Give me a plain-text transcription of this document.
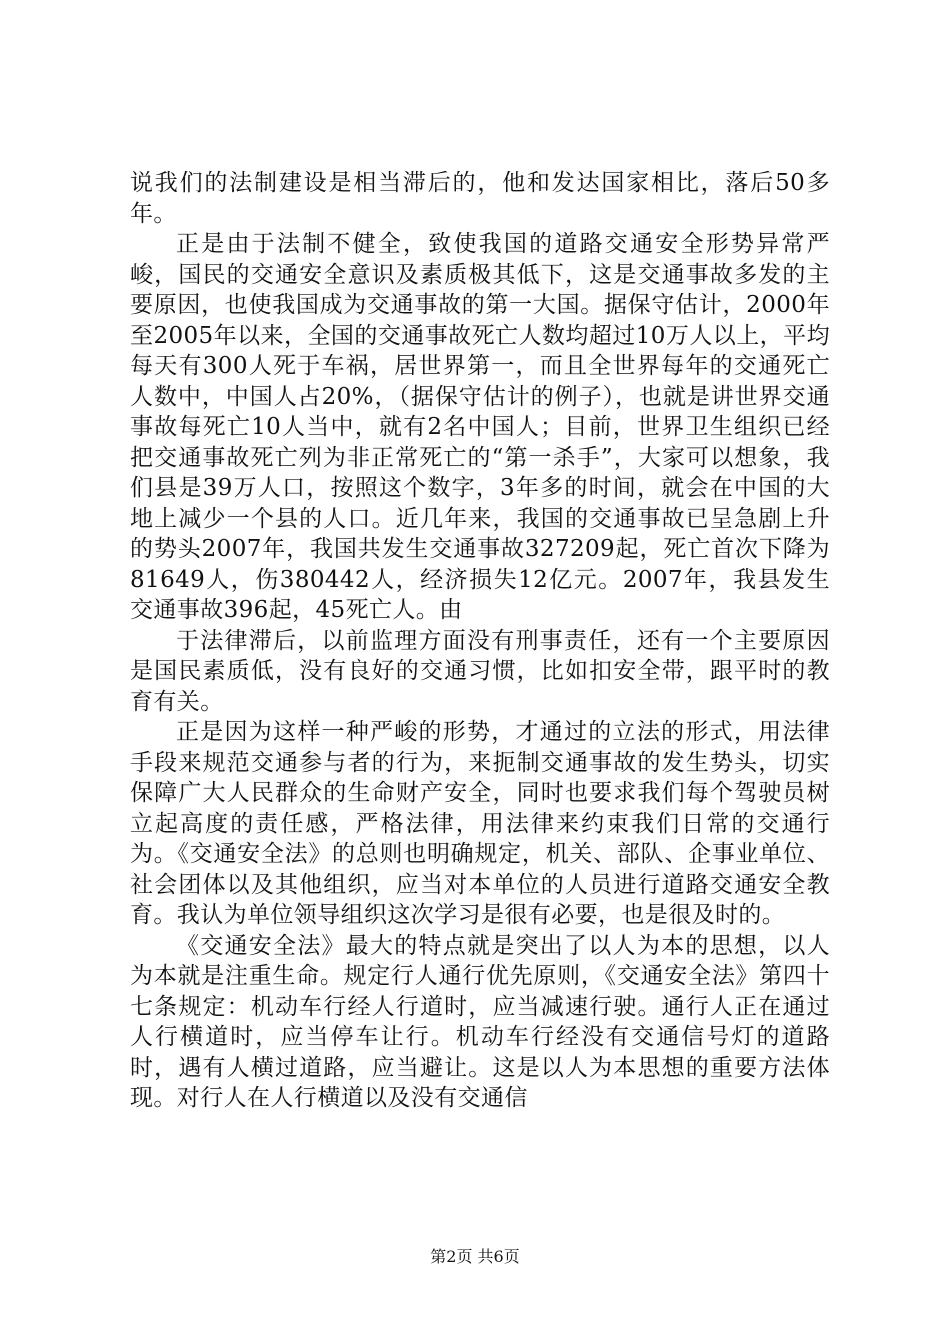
说我们的法制建设是相当滞后的，他和发达国家相比，落后50多年。

正是由于法制不健全，致使我国的道路交通安全形势异常严峻，国民的交通安全意识及素质极其低下，这是交通事故多发的主要原因，也使我国成为交通事故的第一大国。据保守估计，2000年至2005年以来，全国的交通事故死亡人数均超过10万人以上，平均每天有300人死于车祸，居世界第一，而且全世界每年的交通死亡人数中，中国人占20%，（据保守估计的例子），也就是讲世界交通事故每死亡10人当中，就有2名中国人；目前，世界卫生组织已经把交通事故死亡列为非正常死亡的“第一杀手”，大家可以想象，我们县是39万人口，按照这个数字，3年多的时间，就会在中国的大地上减少一个县的人口。近几年来，我国的交通事故已呈急剧上升的势头2007年，我国共发生交通事故327209起，死亡首次下降为81649人，伤380442人，经济损失12亿元。2007年，我县发生交通事故396起，45死亡人。由

于法律滞后，以前监理方面没有刑事责任，还有一个主要原因是国民素质低，没有良好的交通习惯，比如扣安全带，跟平时的教育有关。

正是因为这样一种严峻的形势，才通过的立法的形式，用法律手段来规范交通参与者的行为，来扼制交通事故的发生势头，切实保障广大人民群众的生命财产安全，同时也要求我们每个驾驶员树立起高度的责任感，严格法律，用法律来约束我们日常的交通行为。《交通安全法》的总则也明确规定，机关、部队、企事业单位、社会团体以及其他组织，应当对本单位的人员进行道路交通安全教育。我认为单位领导组织这次学习是很有必要，也是很及时的。

《交通安全法》最大的特点就是突出了以人为本的思想，以人为本就是注重生命。规定行人通行优先原则，《交通安全法》第四十七条规定：机动车行经人行道时，应当减速行驶。通行人正在通过人行横道时，应当停车让行。机动车行经没有交通信号灯的道路时，遇有人横过道路，应当避让。这是以人为本思想的重要方法体现。对行人在人行横道以及没有交通信

第2页 共6页
